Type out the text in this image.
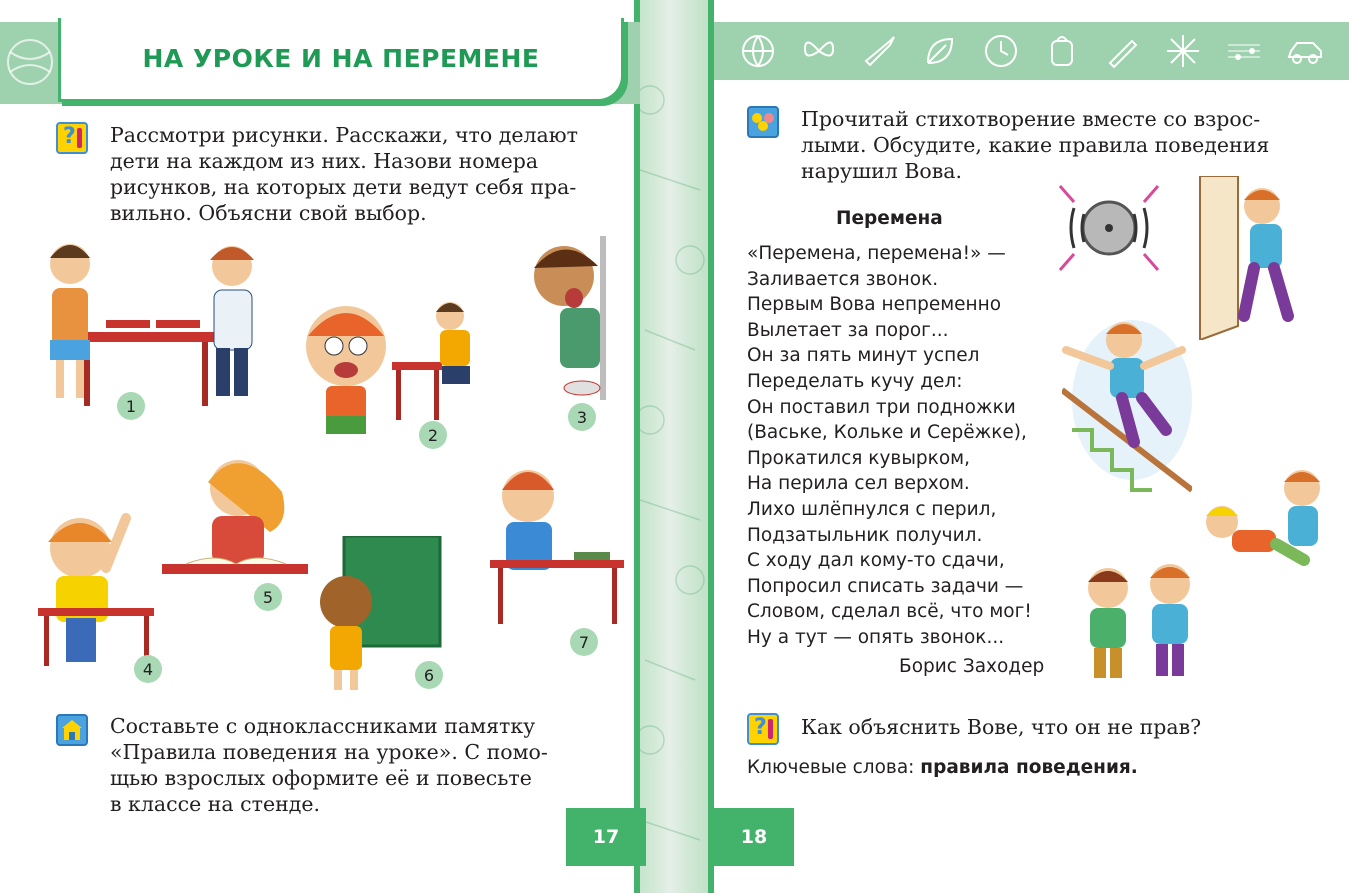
НА УРОКЕ И НА ПЕРЕМЕНЕ
? Рассмотри рисунки. Расскажи, что делают
дети на каждом из них. Назови номера
рисунков, на которых дети ведут себя пра-
вильно. Объясни свой выбор.
1
2
3
4
5
6
7
Составьте с одноклассниками памятку
«Правила поведения на уроке». С помо-
щью взрослых оформите её и повесьте
в классе на стенде.
17
Прочитай стихотворение вместе со взрос-
лыми. Обсудите, какие правила поведения
нарушил Вова.
Перемена
«Перемена, перемена!» —
Заливается звонок.
Первым Вова непременно
Вылетает за порог...
Он за пять минут успел
Переделать кучу дел:
Он поставил три подножки
(Ваське, Кольке и Серёжке),
Прокатился кувырком,
На перила сел верхом.
Лихо шлёпнулся с перил,
Подзатыльник получил.
С ходу дал кому-то сдачи,
Попросил списать задачи —
Словом, сделал всё, что мог!
Ну а тут — опять звонок...
Борис Заходер
? Как объяснить Вове, что он не прав?
Ключевые слова: правила поведения.
18
